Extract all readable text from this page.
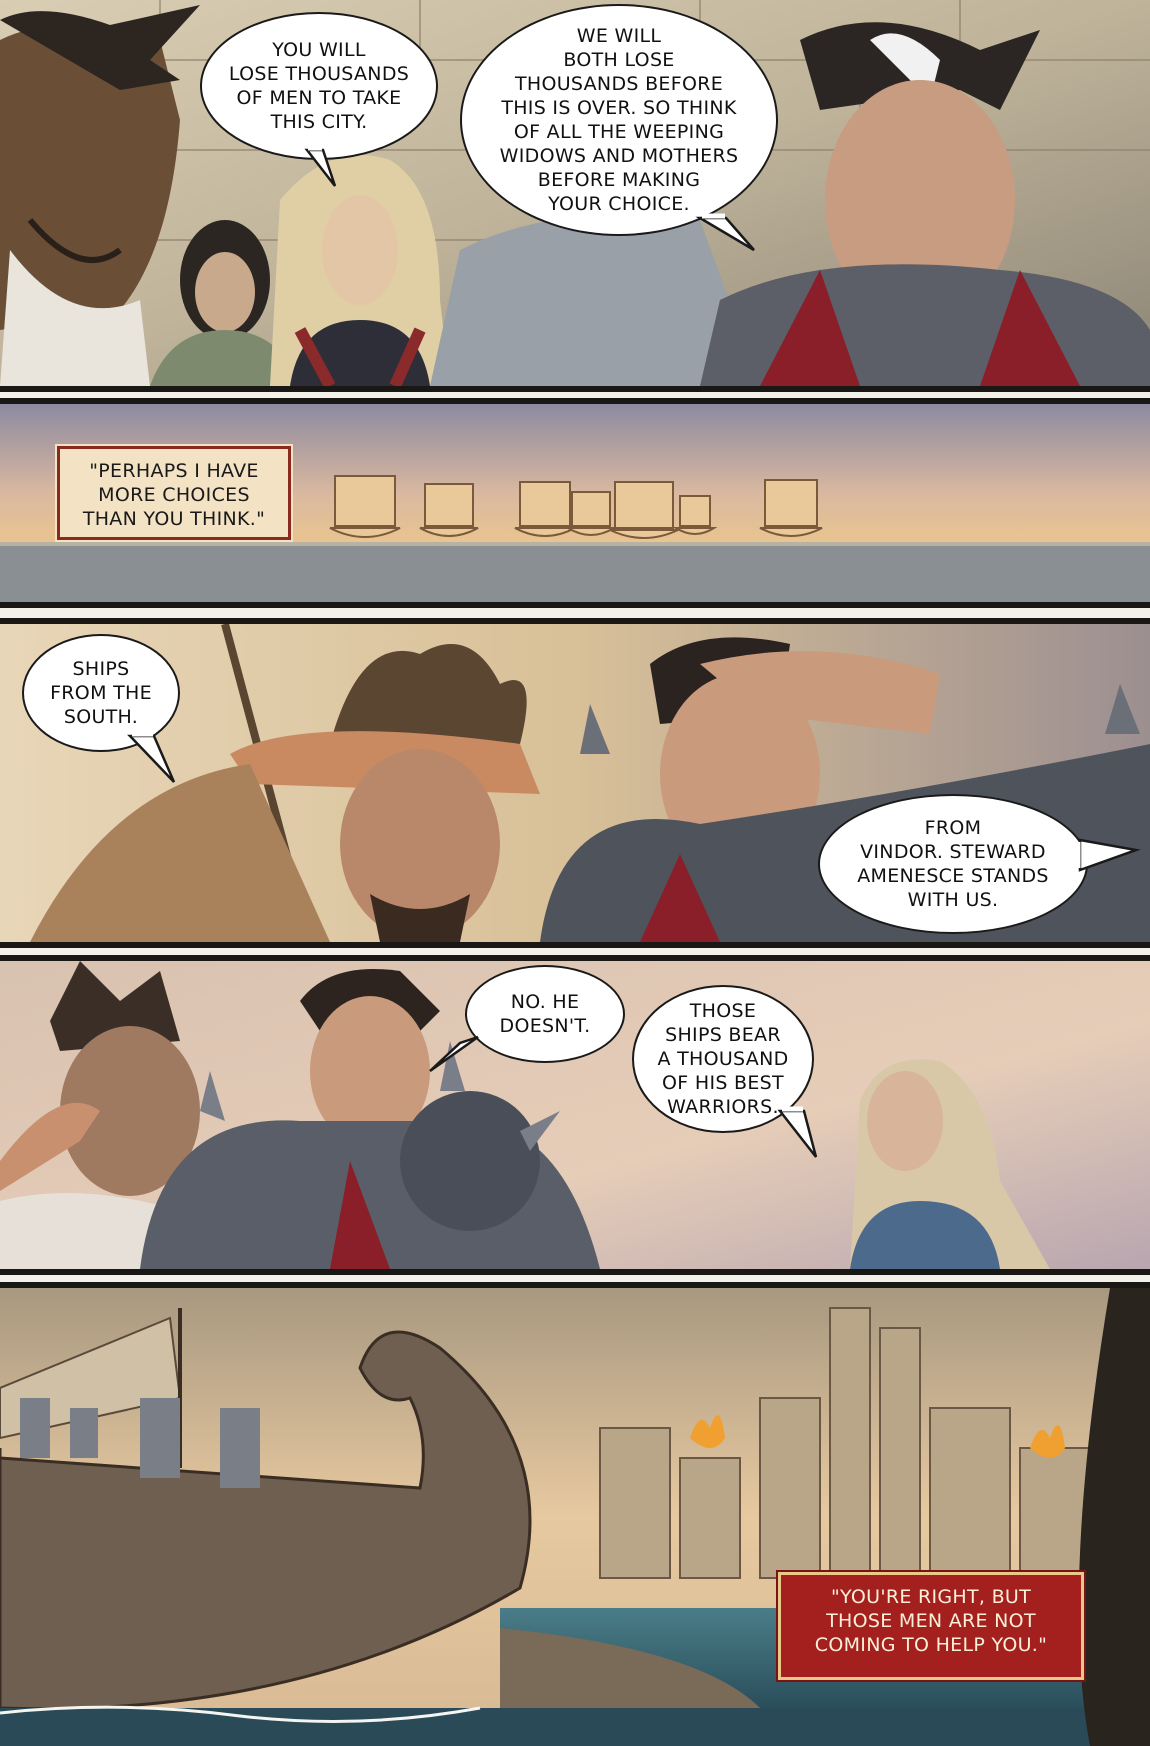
YOU WILL
LOSE THOUSANDS
OF MEN TO TAKE
THIS CITY.
WE WILL
BOTH LOSE
THOUSANDS BEFORE
THIS IS OVER. SO THINK
OF ALL THE WEEPING
WIDOWS AND MOTHERS
BEFORE MAKING
YOUR CHOICE.
"PERHAPS I HAVE
MORE CHOICES
THAN YOU THINK."
SHIPS
FROM THE
SOUTH.
FROM
VINDOR. STEWARD
AMENESCE STANDS
WITH US.
NO. HE
DOESN'T.
THOSE
SHIPS BEAR
A THOUSAND
OF HIS BEST
WARRIORS.
"YOU'RE RIGHT, BUT
THOSE MEN ARE NOT
COMING TO HELP YOU."
